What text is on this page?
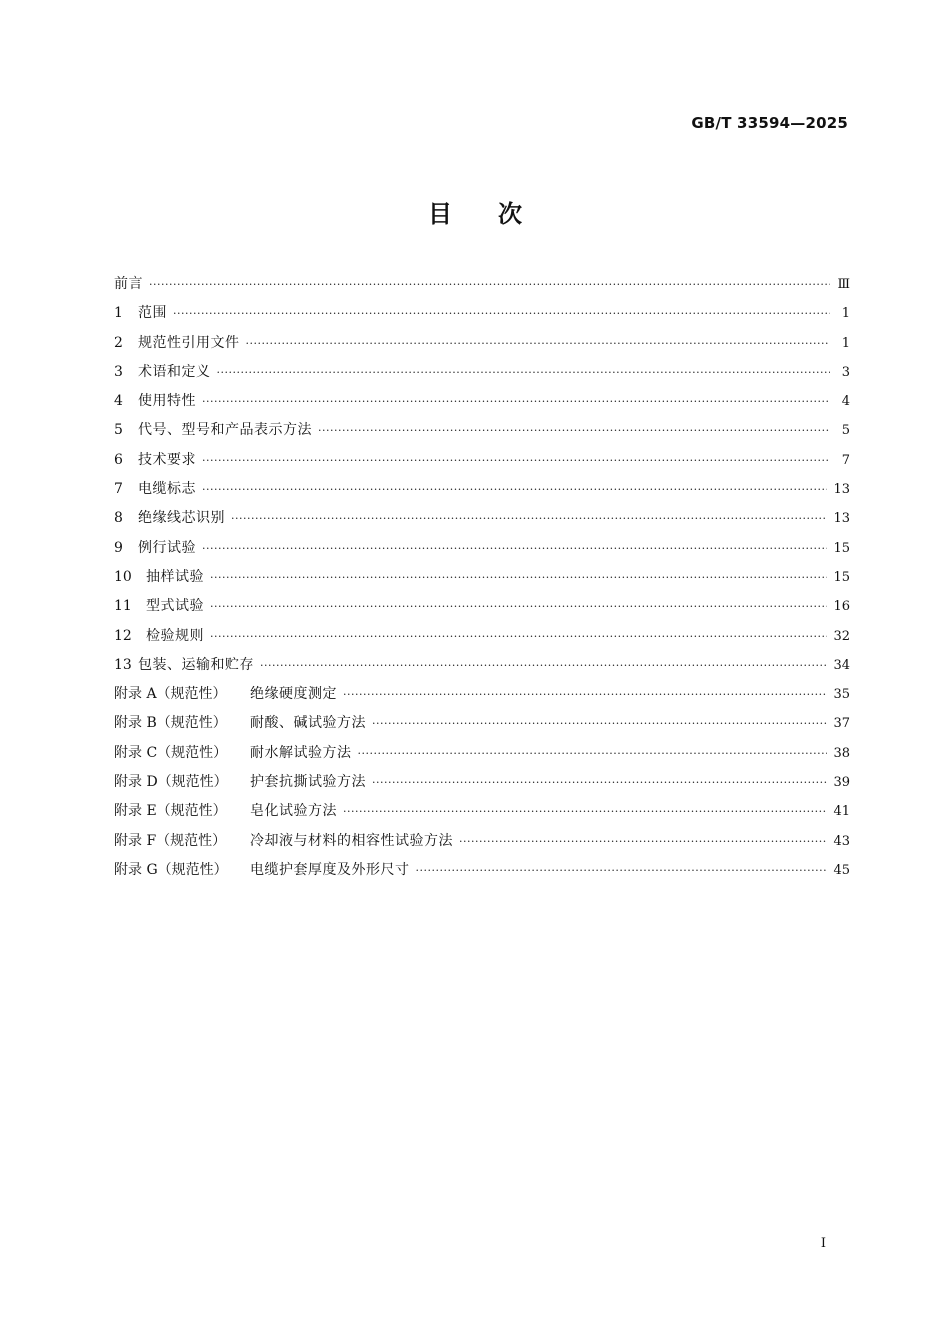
GB/T 33594—2025
目次
前言 ·····	Ⅲ
1	范围 ·····	1
2	规范性引用文件 ·····	1
3	术语和定义 ·····	3
4	使用特性 ·····	4
5	代号、型号和产品表示方法 ·····	5
6	技术要求 ·····	7
7	电缆标志 ·····	13
8	绝缘线芯识别 ·····	13
9	例行试验 ·····	15
10	抽样试验 ·····	15
11	型式试验 ·····	16
12	检验规则 ·····	32
13 包装、运输和贮存 ·····	34
附录 A（规范性）	绝缘硬度测定 ·····	35
附录 B（规范性）	耐酸、碱试验方法 ·····	37
附录 C（规范性）	耐水解试验方法 ·····	38
附录 D（规范性）	护套抗撕试验方法 ·····	39
附录 E（规范性）	皂化试验方法 ·····	41
附录 F（规范性）	冷却液与材料的相容性试验方法 ·····	43
附录 G（规范性）	电缆护套厚度及外形尺寸 ·····	45
I
